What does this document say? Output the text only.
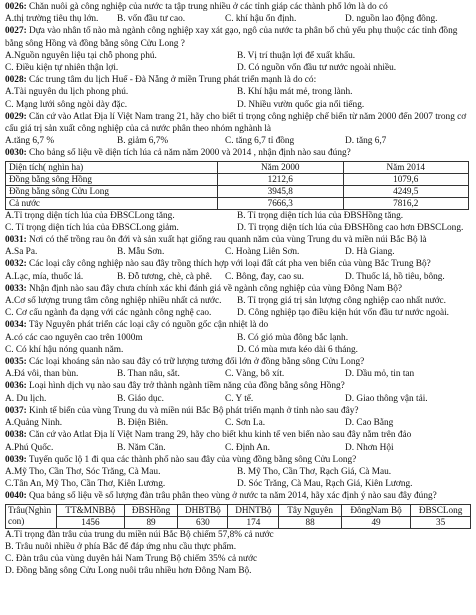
0026: Chăn nuôi gà công nghiệp của nước ta tập trung nhiều ở các tỉnh giáp các thành phố lớn là do có
A.thị trường tiêu thụ lớn.	B. vốn đầu tư cao.	C. khí hậu ổn định.	D. nguồn lao động đông.
0027: Dựa vào nhân tố nào mà ngành công nghiệp xay xát gạo, ngô của nước ta phân bố chủ yếu phụ thuộc các tỉnh đồng bằng sông Hồng và đồng bằng sông Cửu Long ?
A.Nguồn nguyên liệu tại chỗ phong phú.	B. Vị trí thuận lợi để xuất khẩu.
C. Điều kiện tự nhiên thận lợi.	D. Có nguồn vốn đầu tư nước ngoài nhiều.
0028: Các trung tâm du lịch Huế - Đà Nẵng ở miền Trung phát triển mạnh là do có:
A.Tài nguyên du lịch phong phú.	B. Khí hậu mát mẻ, trong lành.
C. Mạng lưới sông ngòi dày đặc.	D. Nhiều vườn quốc gia nổi tiếng.
0029: Căn cứ vào Atlat Địa lí Việt Nam trang 21, hãy cho biết tỉ trọng công nghiệp chế biến từ năm 2000 đến 2007 trong cơ cấu giá trị sản xuất công nghiệp của cả nước phân theo nhóm nghành là
A.tăng 6,7 %	B. giảm 6,7%	C. tăng 6,7 tỉ đồng	D. tăng 6,7
0030: Cho bảng số liệu về diện tích lúa cả năm năm 2000 và 2014 , nhận định nào sau đúng?
Diện tích( nghìn ha)	Năm 2000	Năm 2014
Đồng bằng sông Hồng	1212,6	1079,6
Đồng bằng sông Cửu Long	3945,8	4249,5
Cả nước	7666,3	7816,2
A.Tỉ trọng diện tích lúa của ĐBSCLong tăng.	B. Tỉ trọng diện tích lúa của ĐBSHồng tăng.
C. Tỉ trọng diện tích lúa của ĐBSCLong giảm.	D. Tỉ trọng diện tích lúa của ĐBSHồng cao hơn ĐBSCLong.
0031: Nơi có thế trồng rau ôn đới và sản xuất hạt giống rau quanh năm của vùng Trung du và miền núi Bắc Bộ là
A.Sa Pa.	B. Mẫu Sơn.	C. Hoàng Liên Sơn.	D. Hà Giang.
0032: Các loại cây công nghiệp nào sau đây trồng thích hợp với loại đất cát pha ven biển của vùng Bắc Trung Bộ?
A.Lạc, mía, thuốc lá.	B. Đỗ tương, chè, cà phê.	C. Bông, đay, cao su.	D. Thuốc lá, hồ tiêu, bông.
0033: Nhận định nào sau đây chưa chính xác khi đánh giá về ngành công nghiệp của vùng Đông Nam Bộ?
A.Cơ số lượng trung tâm công nghiệp nhiều nhất cả nước.	B. Tỉ trọng giá trị sản lượng công nghiệp cao nhất nước.
C. Cơ cấu ngành đa dạng với các ngành công nghệ cao.	D. Công nghiệp tạo điều kiện hút vốn đầu tư nước ngoài.
0034: Tây Nguyên phát triển các loại cây có nguồn gốc cận nhiệt là do
A.có các cao nguyên cao trên 1000m	B. Có gió mùa đông bắc lạnh.
C. Có khí hậu nóng quanh năm.	D. Có mùa mưa kéo dài 6 tháng.
0035: Các loại khoáng sản nào sau đây có trữ lượng tương đối lớn ở đồng bằng sông Cửu Long?
A.Đá vôi, than bùn.	B. Than nâu, sắt.	C. Vàng, bô xít.	D. Dầu mỏ, tin tan
0036: Loại hình dịch vụ nào sau đây trở thành ngành tiềm năng của đồng bằng sông Hồng?
A. Du lịch.	B. Giáo dục.	C. Y tế.	D. Giao thông vận tải.
0037: Kinh tế biển của vùng Trung du và miền núi Bắc Bộ phát triển mạnh ở tỉnh nào sau đây?
A.Quảng Ninh.	B. Điện Biên.	C. Sơn La.	D. Cao Bằng
0038: Căn cứ vào Atlat Địa lí Việt Nam trang 29, hãy cho biết khu kinh tế ven biển nào sau đây nằm trên đảo
A.Phú Quốc.	B. Năm Căn.	C. Định An.	D. Nhơn Hội
0039: Tuyến quốc lộ 1 đi qua các thành phố nào sau đây của vùng đồng bằng sông Cửu Long?
A.Mỹ Tho, Cần Thơ, Sóc Trăng, Cà Mau.	B. Mỹ Tho, Cần Thơ, Rạch Giá, Cà Mau.
C.Tân An, Mỹ Tho, Cần Thơ, Kiên Lương.	D. Sóc Trăng, Cà Mau, Rạch Giá, Kiên Lương.
0040: Qua bảng số liệu về số lượng đàn trâu phân theo vùng ở nước ta năm 2014, hãy xác định ý nào sau đây đúng?
Trâu(Nghìn con)	TT&MNBBộ	ĐBSHồng	DHBTBộ	DHNTBộ	Tây Nguyên	ĐôngNam Bộ	ĐBSCLong
	1456	89	630	174	88	49	35
A.Tỉ trọng đàn trâu của trung du miền núi Bắc Bộ chiếm 57,8% cả nước
B. Trâu nuôi nhiều ở phía Bắc để đáp ứng nhu cầu thực phẩm.
C. Đàn trâu của vùng duyên hải Nam Trung Bộ chiếm 35% cả nước
D. Đồng bằng sông Cửu Long nuôi trâu nhiều hơn Đông Nam Bộ.
